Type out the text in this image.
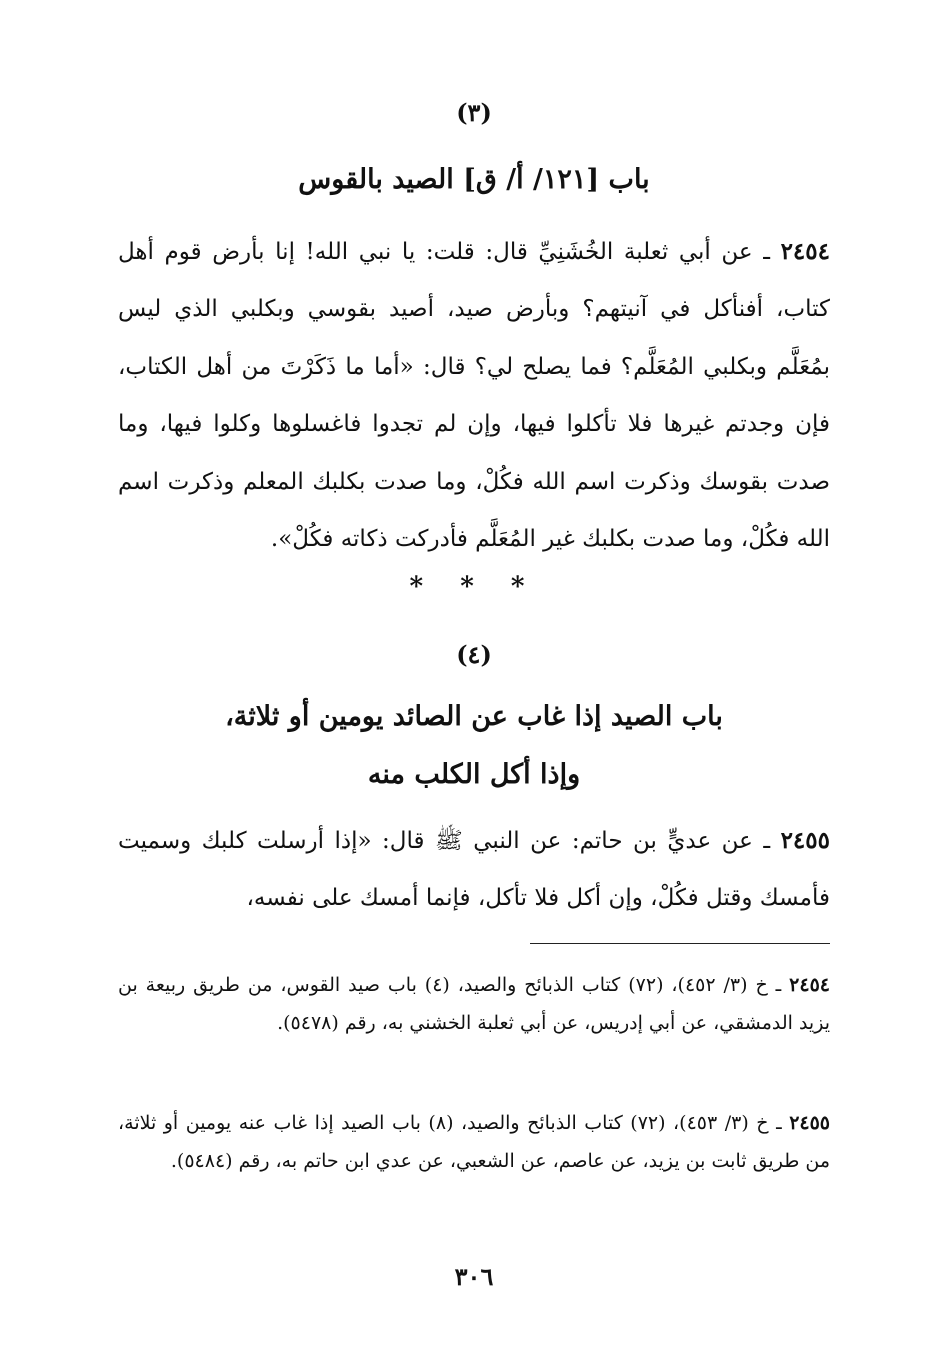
(٣)
باب [١٢١/ أ/ ق] الصيد بالقوس
٢٤٥٤ ـ عن أبي ثعلبة الخُشَنِيِّ قال: قلت: يا نبي الله! إنا بأرض قوم أهل كتاب، أفنأكل في آنيتهم؟ وبأرض صيد، أصيد بقوسي وبكلبي الذي ليس بمُعَلَّم وبكلبي المُعَلَّم؟ فما يصلح لي؟ قال: «أما ما ذَكَرْتَ من أهل الكتاب، فإن وجدتم غيرها فلا تأكلوا فيها، وإن لم تجدوا فاغسلوها وكلوا فيها، وما صدت بقوسك وذكرت اسم الله فكُلْ، وما صدت بكلبك المعلم وذكرت اسم الله فكُلْ، وما صدت بكلبك غير المُعَلَّم فأدركت ذكاته فكُلْ».
* * *
(٤)
باب الصيد إذا غاب عن الصائد يومين أو ثلاثة،
وإذا أكل الكلب منه
٢٤٥٥ ـ عن عديٍّ بن حاتم: عن النبي ﷺ قال: «إذا أرسلت كلبك وسميت فأمسك وقتل فكُلْ، وإن أكل فلا تأكل، فإنما أمسك على نفسه،
٢٤٥٤ ـ خ (٣/ ٤٥٢)، (٧٢) كتاب الذبائح والصيد، (٤) باب صيد القوس، من طريق ربيعة بن يزيد الدمشقي، عن أبي إدريس، عن أبي ثعلبة الخشني به، رقم (٥٤٧٨).
٢٤٥٥ ـ خ (٣/ ٤٥٣)، (٧٢) كتاب الذبائح والصيد، (٨) باب الصيد إذا غاب عنه يومين أو ثلاثة، من طريق ثابت بن يزيد، عن عاصم، عن الشعبي، عن عدي ابن حاتم به، رقم (٥٤٨٤).
٣٠٦
